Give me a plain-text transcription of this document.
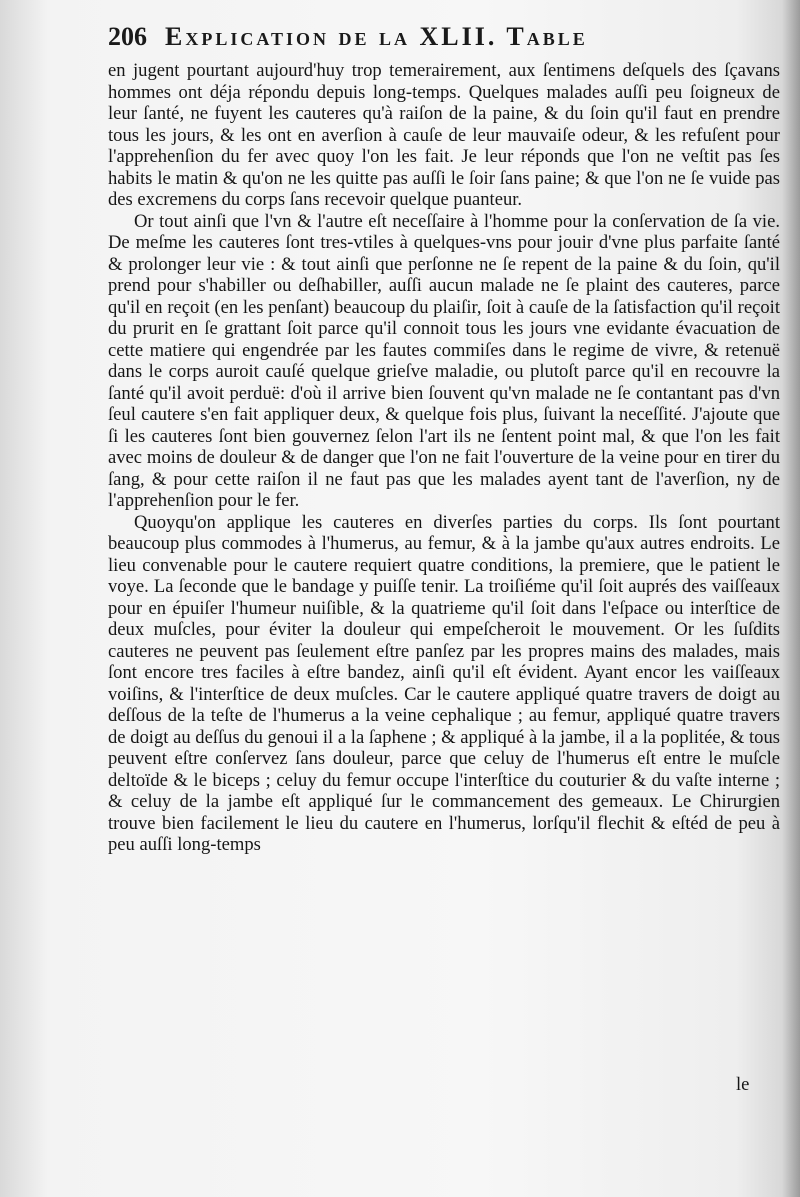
206 Explication de la XLII. Table

en jugent pourtant aujourd'huy trop temerairement, aux ſentimens deſquels des ſçavans hommes ont déja répondu depuis long-temps. Quelques malades auſſi peu ſoigneux de leur ſanté, ne fuyent les cauteres qu'à raiſon de la paine, & du ſoin qu'il faut en prendre tous les jours, & les ont en averſion à cauſe de leur mauvaiſe odeur, & les refuſent pour l'apprehenſion du fer avec quoy l'on les fait. Je leur réponds que l'on ne veſtit pas ſes habits le matin & qu'on ne les quitte pas auſſi le ſoir ſans paine; & que l'on ne ſe vuide pas des excremens du corps ſans recevoir quelque puanteur.

Or tout ainſi que l'vn & l'autre eſt neceſſaire à l'homme pour la conſervation de ſa vie. De meſme les cauteres ſont tres-vtiles à quelques-vns pour jouir d'vne plus parfaite ſanté & prolonger leur vie : & tout ainſi que perſonne ne ſe repent de la paine & du ſoin, qu'il prend pour s'habiller ou deſhabiller, auſſi aucun malade ne ſe plaint des cauteres, parce qu'il en reçoit (en les penſant) beaucoup du plaiſir, ſoit à cauſe de la ſatisfaction qu'il reçoit du prurit en ſe grattant ſoit parce qu'il connoit tous les jours vne evidante évacuation de cette matiere qui engendrée par les fautes commiſes dans le regime de vivre, & retenuë dans le corps auroit cauſé quelque grieſve maladie, ou plutoſt parce qu'il en recouvre la ſanté qu'il avoit perduë: d'où il arrive bien ſouvent qu'vn malade ne ſe contantant pas d'vn ſeul cautere s'en fait appliquer deux, & quelque fois plus, ſuivant la neceſſité. J'ajoute que ſi les cauteres ſont bien gouvernez ſelon l'art ils ne ſentent point mal, & que l'on les fait avec moins de douleur & de danger que l'on ne fait l'ouverture de la veine pour en tirer du ſang, & pour cette raiſon il ne faut pas que les malades ayent tant de l'averſion, ny de l'apprehenſion pour le fer.

Quoyqu'on applique les cauteres en diverſes parties du corps. Ils ſont pourtant beaucoup plus commodes à l'humerus, au femur, & à la jambe qu'aux autres endroits. Le lieu convenable pour le cautere requiert quatre conditions, la premiere, que le patient le voye. La ſeconde que le bandage y puiſſe tenir. La troiſiéme qu'il ſoit auprés des vaiſſeaux pour en épuiſer l'humeur nuiſible, & la quatrieme qu'il ſoit dans l'eſpace ou interſtice de deux muſcles, pour éviter la douleur qui empeſcheroit le mouvement. Or les ſuſdits cauteres ne peuvent pas ſeulement eſtre panſez par les propres mains des malades, mais ſont encore tres faciles à eſtre bandez, ainſi qu'il eſt évident. Ayant encor les vaiſſeaux voiſins, & l'interſtice de deux muſcles. Car le cautere appliqué quatre travers de doigt au deſſous de la teſte de l'humerus a la veine cephalique ; au femur, appliqué quatre travers de doigt au deſſus du genoui il a la ſaphene ; & appliqué à la jambe, il a la poplitée, & tous peuvent eſtre conſervez ſans douleur, parce que celuy de l'humerus eſt entre le muſcle deltoïde & le biceps ; celuy du femur occupe l'interſtice du couturier & du vaſte interne ; & celuy de la jambe eſt appliqué ſur le commancement des gemeaux. Le Chirurgien trouve bien facilement le lieu du cautere en l'humerus, lorſqu'il flechit & eſtéd de peu à peu auſſi long-temps

le
